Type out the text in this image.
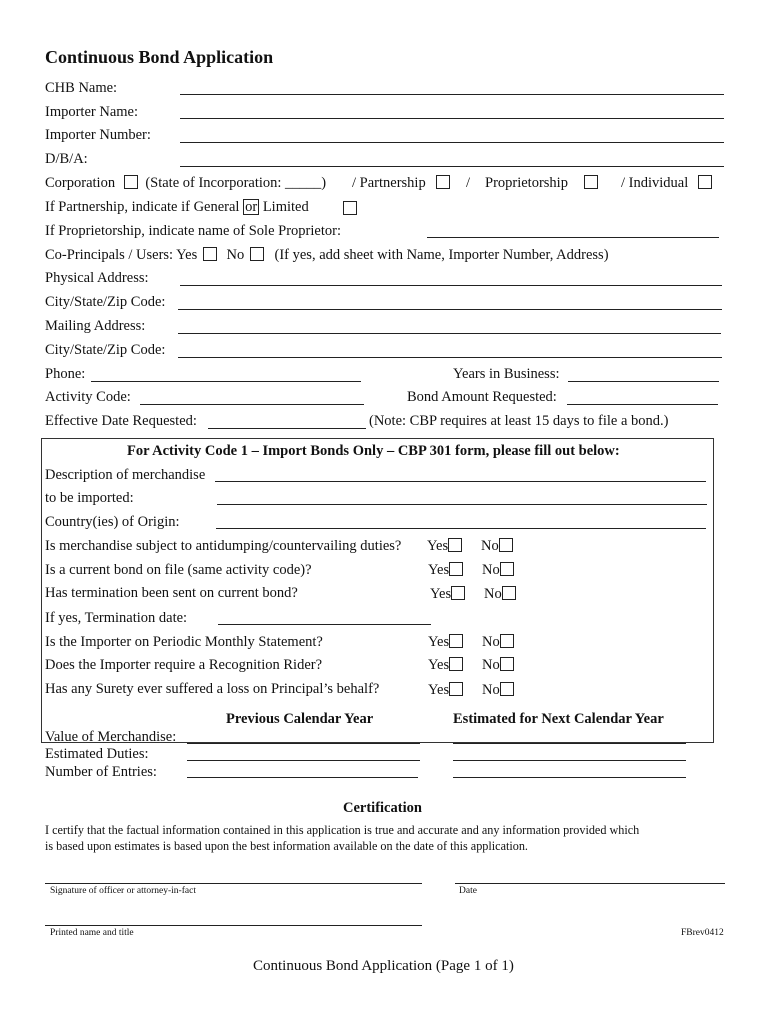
Continuous Bond Application
CHB Name:
Importer Name:
Importer Number:
D/B/A:
Corporation (State of Incorporation: _____) / Partnership	/ Proprietorship	/ Individual
If Partnership, indicate if General or Limited
If Proprietorship, indicate name of Sole Proprietor:
Co-Principals / Users: Yes No (If yes, add sheet with Name, Importer Number, Address)
Physical Address:
City/State/Zip Code:
Mailing Address:
City/State/Zip Code:
Phone:	Years in Business:
Activity Code:	Bond Amount Requested:
Effective Date Requested:	(Note: CBP requires at least 15 days to file a bond.)
For Activity Code 1 – Import Bonds Only – CBP 301 form, please fill out below:
Description of merchandise
to be imported:
Country(ies) of Origin:
Is merchandise subject to antidumping/countervailing duties? Yes	No
Is a current bond on file (same activity code)?	Yes	No
Has termination been sent on current bond?	Yes	No
If yes, Termination date:
Is the Importer on Periodic Monthly Statement?	Yes	No
Does the Importer require a Recognition Rider?	Yes	No
Has any Surety ever suffered a loss on Principal’s behalf?	Yes	No
Previous Calendar Year	Estimated for Next Calendar Year
Value of Merchandise:
Estimated Duties:
Number of Entries:
Certification
I certify that the factual information contained in this application is true and accurate and any information provided which
is based upon estimates is based upon the best information available on the date of this application.
Signature of officer or attorney-in-fact	Date
Printed name and title	FBrev0412
Continuous Bond Application (Page 1 of 1)
